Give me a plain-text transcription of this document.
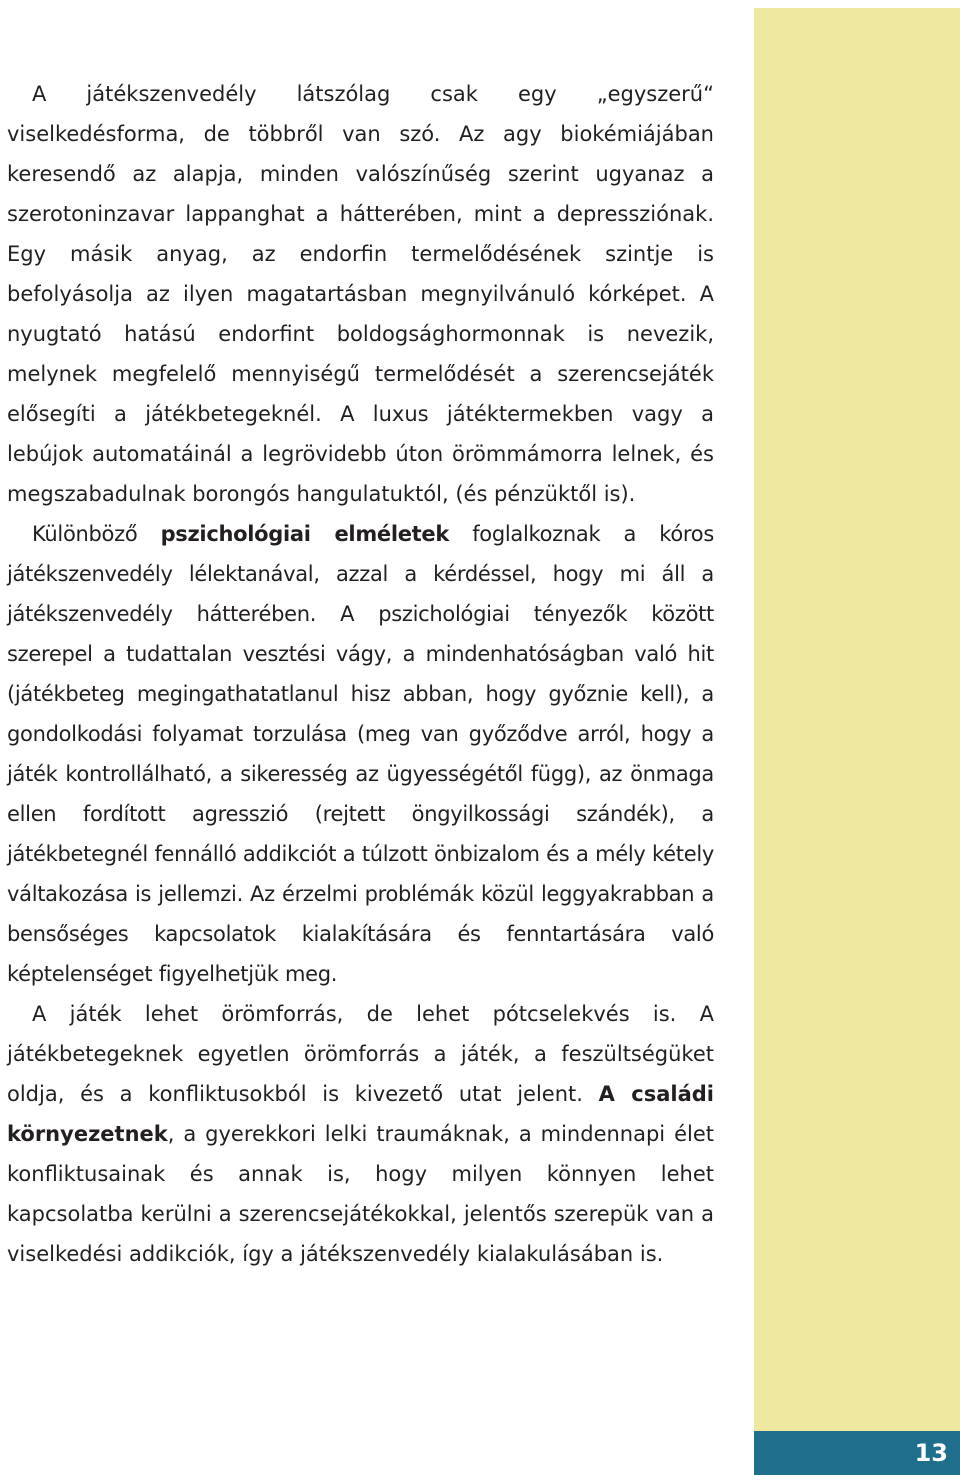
13

A játékszenvedély látszólag csak egy „egyszerű“ viselkedésforma, de többről van szó. Az agy biokémiájában keresendő az alapja, minden valószínűség szerint ugyanaz a szerotoninzavar lappanghat a hátterében, mint a depressziónak. Egy másik anyag, az endorfin termelődésének szintje is befolyásolja az ilyen magatartásban megnyilvánuló kórképet. A nyugtató hatású endorfint boldogsághormonnak is nevezik, melynek megfelelő mennyiségű termelődését a szerencsejáték elősegíti a játékbetegeknél. A luxus játéktermekben vagy a lebújok automatáinál a legrövidebb úton örömmámorra lelnek, és megszabadulnak borongós hangulatuktól, (és pénzüktől is).

Különböző pszichológiai elméletek foglalkoznak a kóros játékszenvedély lélektanával, azzal a kérdéssel, hogy mi áll a játékszenvedély hátterében. A pszichológiai tényezők között szerepel a tudattalan vesztési vágy, a mindenhatóságban való hit (játékbeteg megingathatatlanul hisz abban, hogy győznie kell), a gondolkodási folyamat torzulása (meg van győződve arról, hogy a játék kontrollálható, a sikeresség az ügyességétől függ), az önmaga ellen fordított agresszió (rejtett öngyilkossági szándék), a játékbetegnél fennálló addikciót a túlzott önbizalom és a mély kétely váltakozása is jellemzi. Az érzelmi problémák közül leggyakrabban a bensőséges kapcsolatok kialakítására és fenntartására való képtelenséget figyelhetjük meg.

A játék lehet örömforrás, de lehet pótcselekvés is. A játékbetegeknek egyetlen örömforrás a játék, a feszültségüket oldja, és a konfliktusokból is kivezető utat jelent. A családi környezetnek, a gyerekkori lelki traumáknak, a mindennapi élet konfliktusainak és annak is, hogy milyen könnyen lehet kapcsolatba kerülni a szerencsejátékokkal, jelentős szerepük van a viselkedési addikciók, így a játékszenvedély kialakulásában is.
